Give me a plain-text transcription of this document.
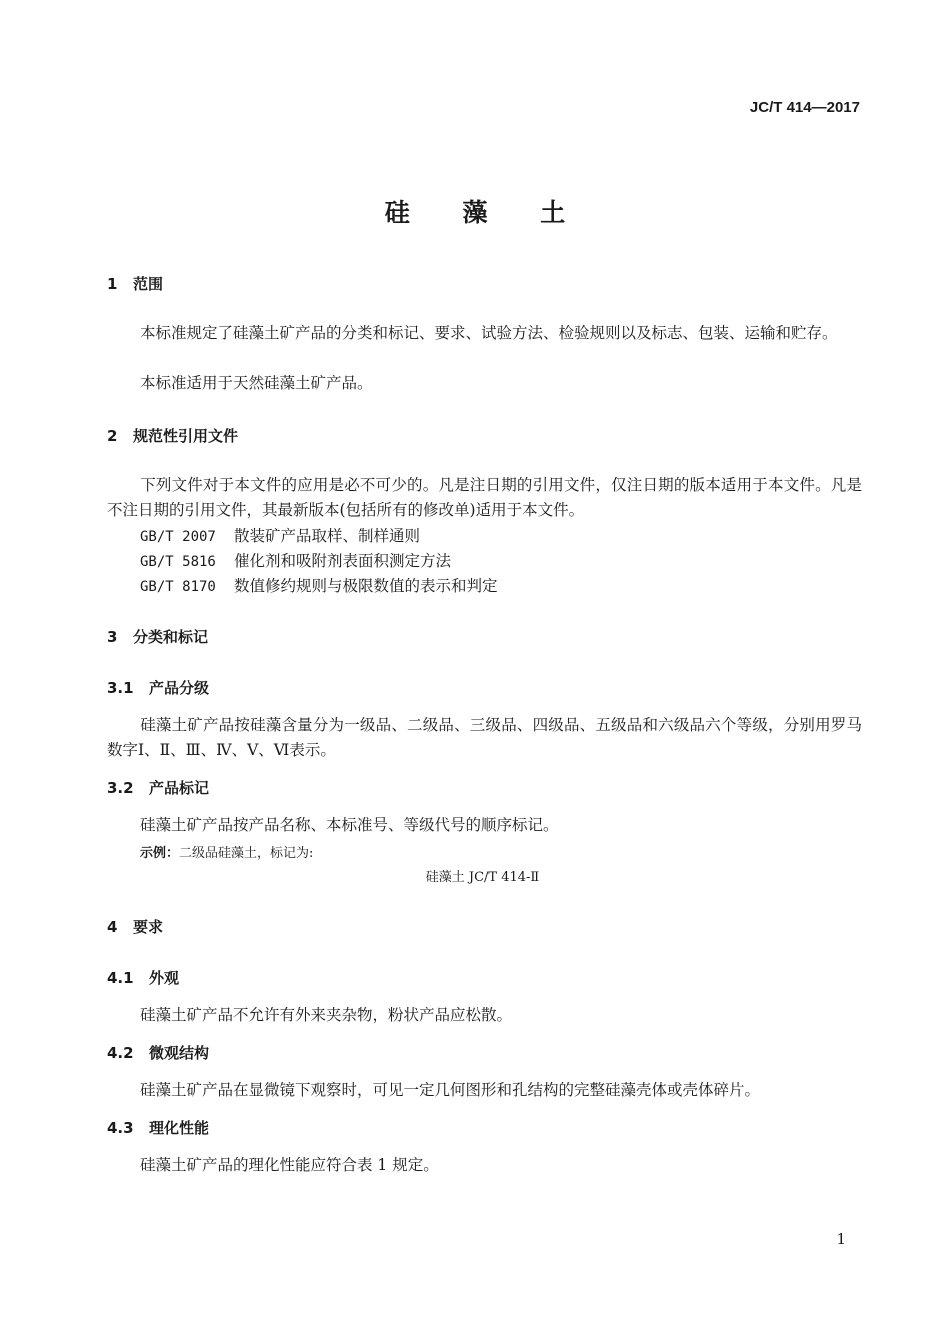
JC/T 414—2017
硅 藻 土
1 范围
本标准规定了硅藻土矿产品的分类和标记、要求、试验方法、检验规则以及标志、包装、运输和贮存。
本标准适用于天然硅藻土矿产品。
2 规范性引用文件
下列文件对于本文件的应用是必不可少的。凡是注日期的引用文件，仅注日期的版本适用于本文件。凡是不注日期的引用文件，其最新版本(包括所有的修改单)适用于本文件。
GB/T 2007 散装矿产品取样、制样通则
GB/T 5816 催化剂和吸附剂表面积测定方法
GB/T 8170 数值修约规则与极限数值的表示和判定
3 分类和标记
3.1 产品分级
硅藻土矿产品按硅藻含量分为一级品、二级品、三级品、四级品、五级品和六级品六个等级，分别用罗马数字Ⅰ、Ⅱ、Ⅲ、Ⅳ、Ⅴ、Ⅵ表示。
3.2 产品标记
硅藻土矿产品按产品名称、本标准号、等级代号的顺序标记。
示例：二级品硅藻土，标记为:
硅藻土 JC/T 414-Ⅱ
4 要求
4.1 外观
硅藻土矿产品不允许有外来夹杂物，粉状产品应松散。
4.2 微观结构
硅藻土矿产品在显微镜下观察时，可见一定几何图形和孔结构的完整硅藻壳体或壳体碎片。
4.3 理化性能
硅藻土矿产品的理化性能应符合表 1 规定。
1
